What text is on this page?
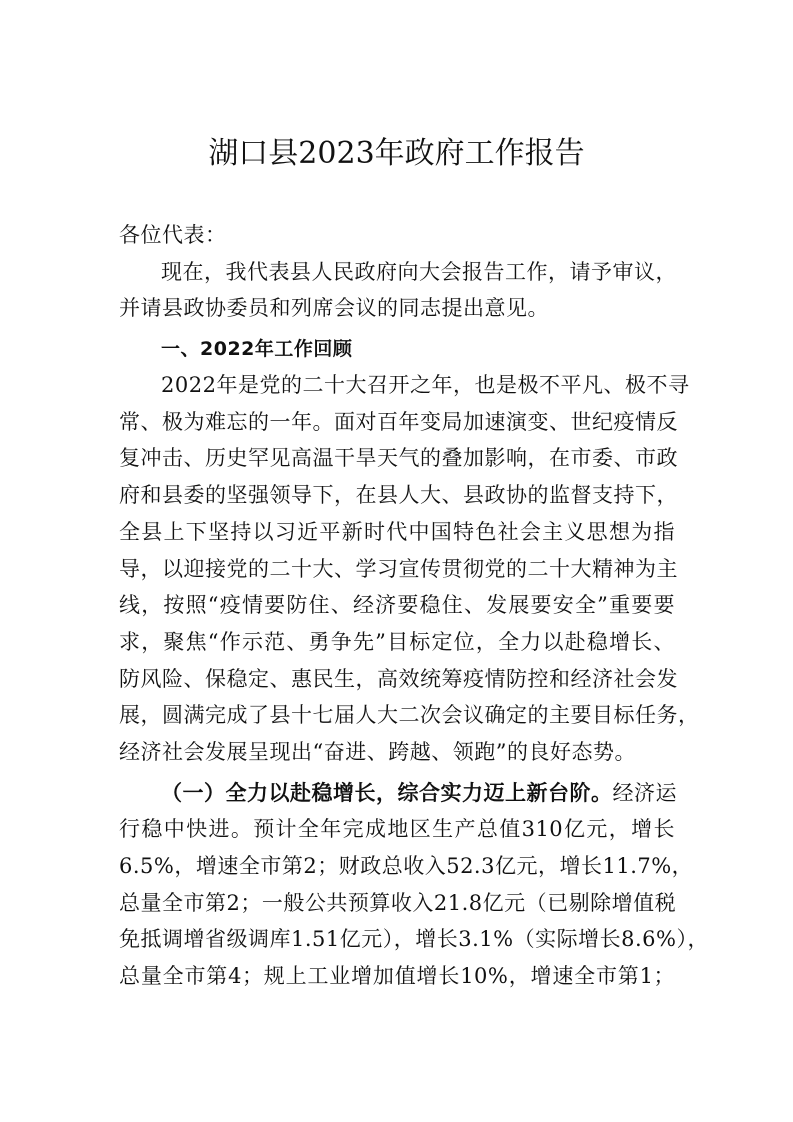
湖口县2023年政府工作报告
各位代表：
现在，我代表县人民政府向大会报告工作，请予审议，
并请县政协委员和列席会议的同志提出意见。
一、2022年工作回顾
2022年是党的二十大召开之年，也是极不平凡、极不寻
常、极为难忘的一年。面对百年变局加速演变、世纪疫情反
复冲击、历史罕见高温干旱天气的叠加影响，在市委、市政
府和县委的坚强领导下，在县人大、县政协的监督支持下，
全县上下坚持以习近平新时代中国特色社会主义思想为指
导，以迎接党的二十大、学习宣传贯彻党的二十大精神为主
线，按照“疫情要防住、经济要稳住、发展要安全”重要要
求，聚焦“作示范、勇争先”目标定位，全力以赴稳增长、
防风险、保稳定、惠民生，高效统筹疫情防控和经济社会发
展，圆满完成了县十七届人大二次会议确定的主要目标任务，
经济社会发展呈现出“奋进、跨越、领跑”的良好态势。
（一）全力以赴稳增长，综合实力迈上新台阶。经济运
行稳中快进。预计全年完成地区生产总值310亿元，增长
6.5%，增速全市第2；财政总收入52.3亿元，增长11.7%，
总量全市第2；一般公共预算收入21.8亿元（已剔除增值税
免抵调增省级调库1.51亿元），增长3.1%（实际增长8.6%），
总量全市第4；规上工业增加值增长10%，增速全市第1；
